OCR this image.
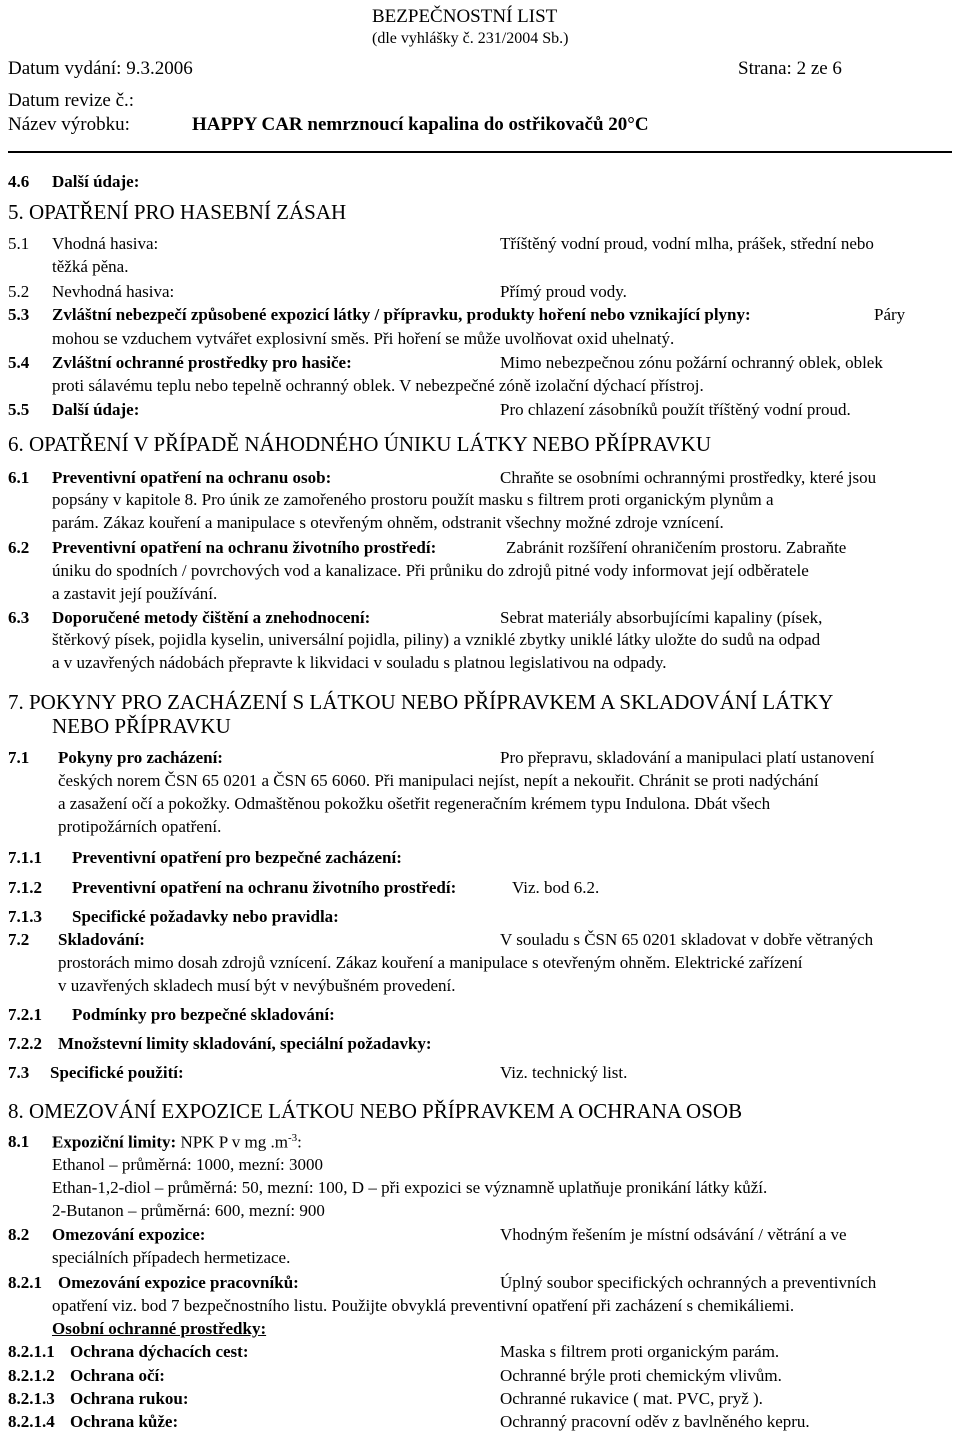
BEZPEČNOSTNÍ LIST
(dle vyhlášky č. 231/2004 Sb.)
Datum vydání: 9.3.2006	Strana: 2 ze 6
Datum revize č.:
Název výrobku:	HAPPY CAR nemrznoucí kapalina do ostřikovačů 20°C
4.6 Další údaje:
5. OPATŘENÍ PRO HASEBNÍ ZÁSAH
5.1 Vhodná hasiva:	Tříštěný vodní proud, vodní mlha, prášek, střední nebo
těžká pěna.
5.2 Nevhodná hasiva:	Přímý proud vody.
5.3 Zvláštní nebezpečí způsobené expozicí látky / přípravku, produkty hoření nebo vznikající plyny:	Páry
mohou se vzduchem vytvářet explosivní směs. Při hoření se může uvolňovat oxid uhelnatý.
5.4 Zvláštní ochranné prostředky pro hasiče:	Mimo nebezpečnou zónu požární ochranný oblek, oblek
proti sálavému teplu nebo tepelně ochranný oblek. V nebezpečné zóně izolační dýchací přístroj.
5.5 Další údaje:	Pro chlazení zásobníků použít tříštěný vodní proud.
6. OPATŘENÍ V PŘÍPADĚ NÁHODNÉHO ÚNIKU LÁTKY NEBO PŘÍPRAVKU
6.1 Preventivní opatření na ochranu osob:	Chraňte se osobními ochrannými prostředky, které jsou
popsány v kapitole 8. Pro únik ze zamořeného prostoru použít masku s filtrem proti organickým plynům a
parám. Zákaz kouření a manipulace s otevřeným ohněm, odstranit všechny možné zdroje vznícení.
6.2 Preventivní opatření na ochranu životního prostředí:	Zabránit rozšíření ohraničením prostoru. Zabraňte
úniku do spodních / povrchových vod a kanalizace. Při průniku do zdrojů pitné vody informovat její odběratele
a zastavit její používání.
6.3 Doporučené metody čištění a znehodnocení:	Sebrat materiály absorbujícími kapaliny (písek,
štěrkový písek, pojidla kyselin, universální pojidla, piliny) a vzniklé zbytky uniklé látky uložte do sudů na odpad
a v uzavřených nádobách přepravte k likvidaci v souladu s platnou legislativou na odpady.
7. POKYNY PRO ZACHÁZENÍ S LÁTKOU NEBO PŘÍPRAVKEM A SKLADOVÁNÍ LÁTKY
NEBO PŘÍPRAVKU
7.1 Pokyny pro zacházení:	Pro přepravu, skladování a manipulaci platí ustanovení
českých norem ČSN 65 0201 a ČSN 65 6060. Při manipulaci nejíst, nepít a nekouřit. Chránit se proti nadýchání
a zasažení očí a pokožky. Odmaštěnou pokožku ošetřit regeneračním krémem typu Indulona. Dbát všech
protipožárních opatření.
7.1.1 Preventivní opatření pro bezpečné zacházení:
7.1.2 Preventivní opatření na ochranu životního prostředí:	Viz. bod 6.2.
7.1.3 Specifické požadavky nebo pravidla:
7.2 Skladování:	V souladu s ČSN 65 0201 skladovat v dobře větraných
prostorách mimo dosah zdrojů vznícení. Zákaz kouření a manipulace s otevřeným ohněm. Elektrické zařízení
v uzavřených skladech musí být v nevýbušném provedení.
7.2.1 Podmínky pro bezpečné skladování:
7.2.2 Množstevní limity skladování, speciální požadavky:
7.3 Specifické použití:	Viz. technický list.
8. OMEZOVÁNÍ EXPOZICE LÁTKOU NEBO PŘÍPRAVKEM A OCHRANA OSOB
8.1 Expoziční limity: NPK P v mg $.m^{-3}$:
Ethanol – průměrná: 1000, mezní: 3000
Ethan-1,2-diol – průměrná: 50, mezní: 100, D – při expozici se významně uplatňuje pronikání látky kůží.
2-Butanon – průměrná: 600, mezní: 900
8.2 Omezování expozice:	Vhodným řešením je místní odsávání / větrání a ve
speciálních případech hermetizace.
8.2.1 Omezování expozice pracovníků:	Úplný soubor specifických ochranných a preventivních
opatření viz. bod 7 bezpečnostního listu. Použijte obvyklá preventivní opatření při zacházení s chemikáliemi.
Osobní ochranné prostředky:
8.2.1.1 Ochrana dýchacích cest:	Maska s filtrem proti organickým parám.
8.2.1.2 Ochrana očí:	Ochranné brýle proti chemickým vlivům.
8.2.1.3 Ochrana rukou:	Ochranné rukavice ( mat. PVC, pryž ).
8.2.1.4 Ochrana kůže:	Ochranný pracovní oděv z bavlněného kepru.
